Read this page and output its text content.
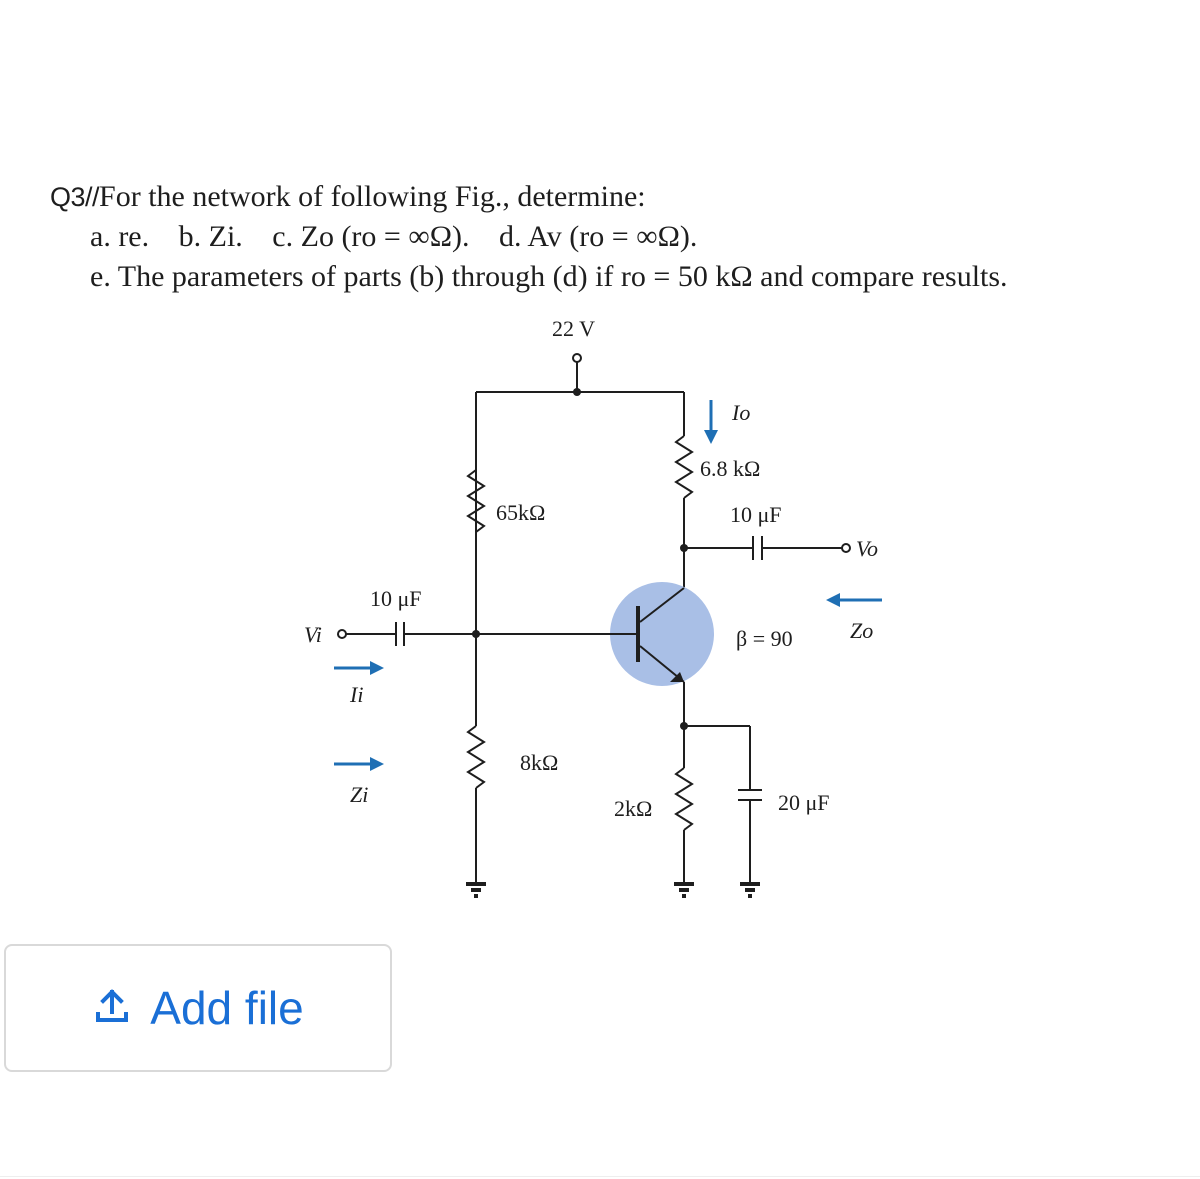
Q3//For the network of following Fig., determine:
a. re. b. Zi. c. Zo (ro = ∞Ω). d. Av (ro = ∞Ω).
e. The parameters of parts (b) through (d) if ro = 50 kΩ and compare results.
22 V
6.8 kΩ
65kΩ	10 μF
10 μF
β = 90
8kΩ
2kΩ	20 μF
Vi
Vo
Ii
Zi
Io
Zo
Add file
